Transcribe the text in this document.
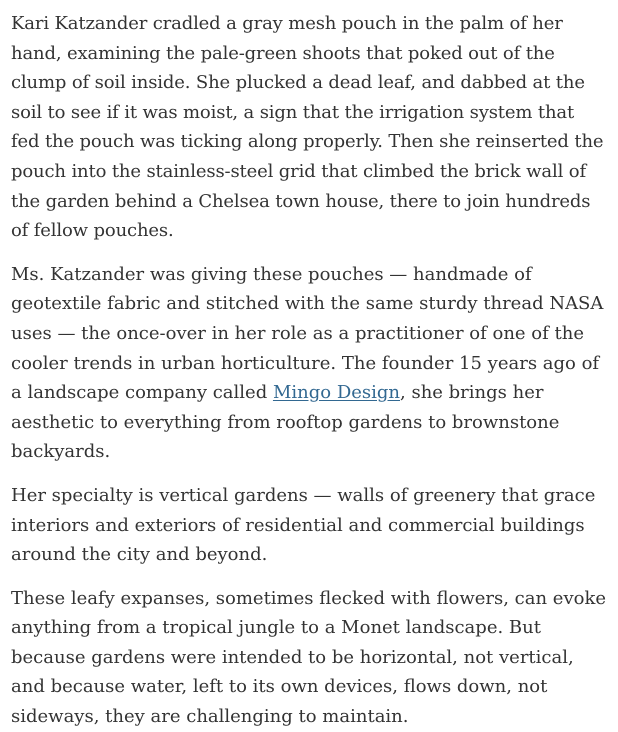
Kari Katzander cradled a gray mesh pouch in the palm of her hand, examining the pale-green shoots that poked out of the clump of soil inside. She plucked a dead leaf, and dabbed at the soil to see if it was moist, a sign that the irrigation system that fed the pouch was ticking along properly. Then she reinserted the pouch into the stainless-steel grid that climbed the brick wall of the garden behind a Chelsea town house, there to join hundreds of fellow pouches.

Ms. Katzander was giving these pouches — handmade of geotextile fabric and stitched with the same sturdy thread NASA uses — the once-over in her role as a practitioner of one of the cooler trends in urban horticulture. The founder 15 years ago of a landscape company called Mingo Design, she brings her aesthetic to everything from rooftop gardens to brownstone backyards.

Her specialty is vertical gardens — walls of greenery that grace interiors and exteriors of residential and commercial buildings around the city and beyond.

These leafy expanses, sometimes flecked with flowers, can evoke anything from a tropical jungle to a Monet landscape. But because gardens were intended to be horizontal, not vertical, and because water, left to its own devices, flows down, not sideways, they are challenging to maintain.
